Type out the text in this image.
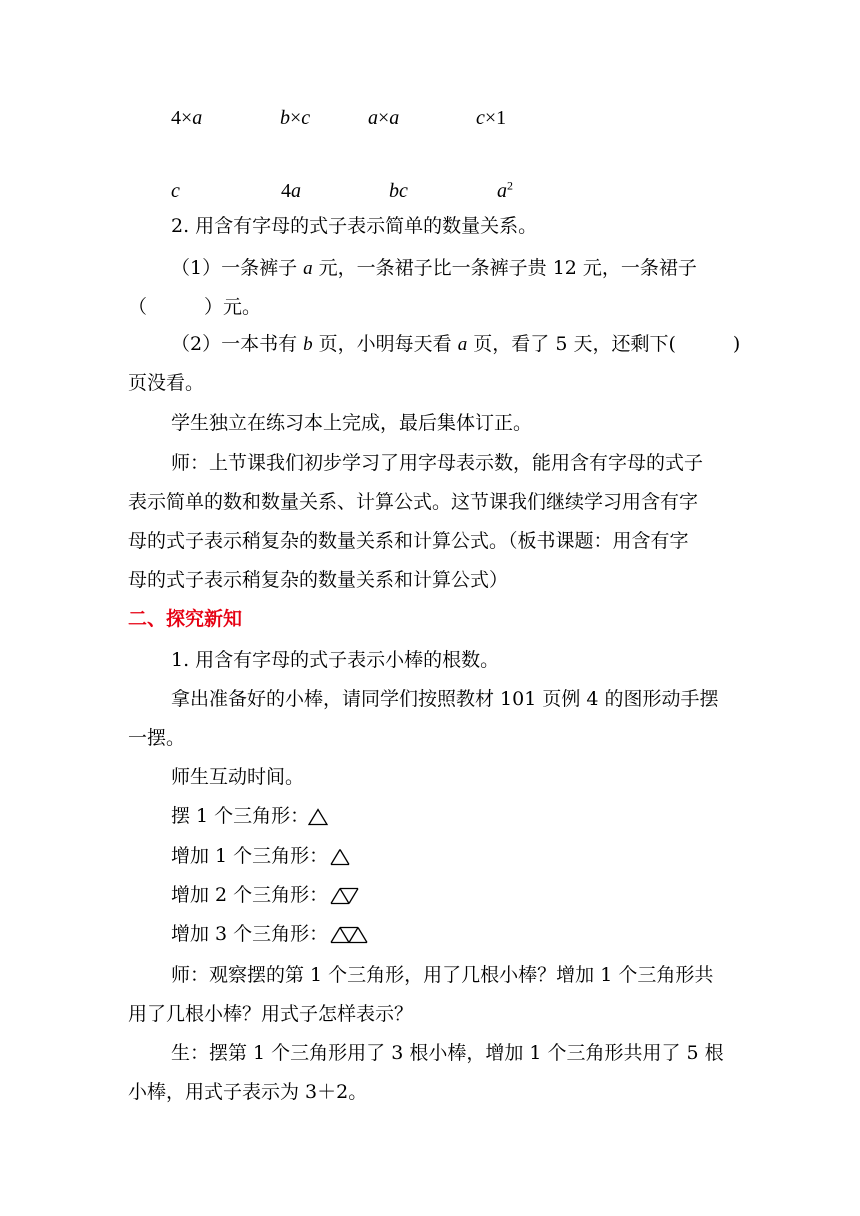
4×a	b×c	a×a	c×1
c	4a	bc	$a^2$
2. 用含有字母的式子表示简单的数量关系。
（1）一条裤子 a 元，一条裙子比一条裤子贵 12 元，一条裙子
（　　　）元。
（2）一本书有 b 页，小明每天看 a 页，看了 5 天，还剩下(　　　)
页没看。
学生独立在练习本上完成，最后集体订正。
师：上节课我们初步学习了用字母表示数，能用含有字母的式子
表示简单的数和数量关系、计算公式。这节课我们继续学习用含有字
母的式子表示稍复杂的数量关系和计算公式。（板书课题：用含有字
母的式子表示稍复杂的数量关系和计算公式）
二、探究新知
1. 用含有字母的式子表示小棒的根数。
拿出准备好的小棒，请同学们按照教材 101 页例 4 的图形动手摆
一摆。
师生互动时间。
摆 1 个三角形：
增加 1 个三角形：
增加 2 个三角形：
增加 3 个三角形：
师：观察摆的第 1 个三角形，用了几根小棒？增加 1 个三角形共
用了几根小棒？用式子怎样表示？
生：摆第 1 个三角形用了 3 根小棒，增加 1 个三角形共用了 5 根
小棒，用式子表示为 3＋2。
